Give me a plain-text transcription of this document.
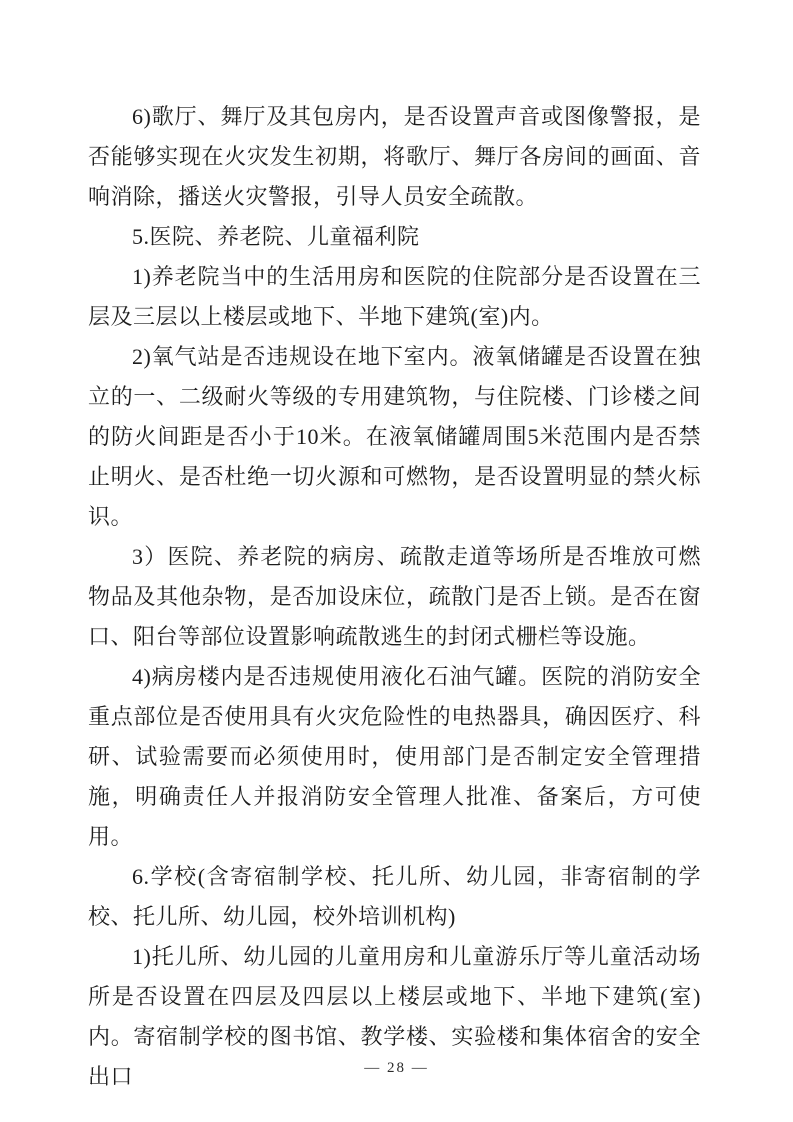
6)歌厅、舞厅及其包房内，是否设置声音或图像警报，是否能够实现在火灾发生初期，将歌厅、舞厅各房间的画面、音响消除，播送火灾警报，引导人员安全疏散。

5.医院、养老院、儿童福利院

1)养老院当中的生活用房和医院的住院部分是否设置在三层及三层以上楼层或地下、半地下建筑(室)内。

2)氧气站是否违规设在地下室内。液氧储罐是否设置在独立的一、二级耐火等级的专用建筑物，与住院楼、门诊楼之间的防火间距是否小于10米。在液氧储罐周围5米范围内是否禁止明火、是否杜绝一切火源和可燃物，是否设置明显的禁火标识。

3）医院、养老院的病房、疏散走道等场所是否堆放可燃物品及其他杂物，是否加设床位，疏散门是否上锁。是否在窗口、阳台等部位设置影响疏散逃生的封闭式栅栏等设施。

4)病房楼内是否违规使用液化石油气罐。医院的消防安全重点部位是否使用具有火灾危险性的电热器具，确因医疗、科研、试验需要而必须使用时，使用部门是否制定安全管理措施，明确责任人并报消防安全管理人批准、备案后，方可使用。

6.学校(含寄宿制学校、托儿所、幼儿园，非寄宿制的学校、托儿所、幼儿园，校外培训机构)

1)托儿所、幼儿园的儿童用房和儿童游乐厅等儿童活动场所是否设置在四层及四层以上楼层或地下、半地下建筑(室)内。寄宿制学校的图书馆、教学楼、实验楼和集体宿舍的安全出口	— 28 —
